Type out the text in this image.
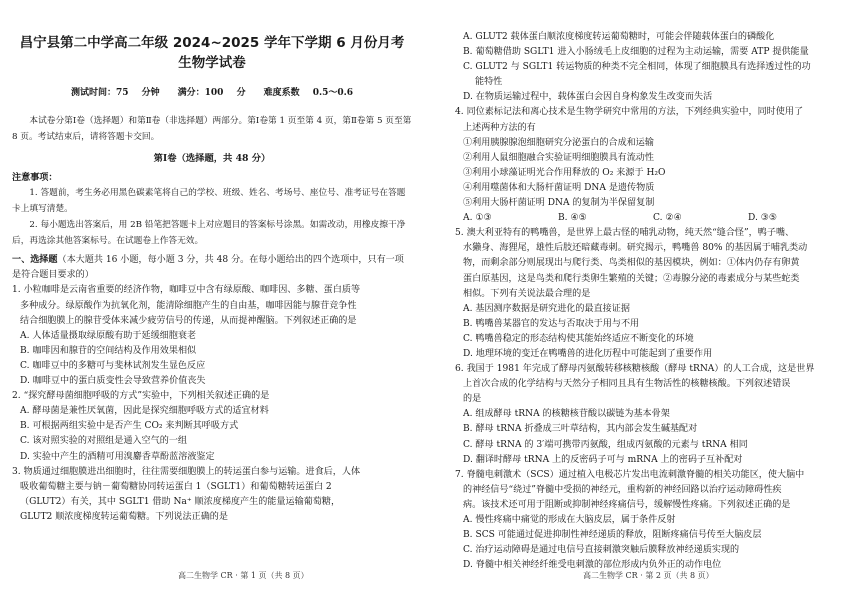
昌宁县第二中学高二年级 2024~2025 学年下学期 6 月份月考
生物学试卷
测试时间：75 分钟　　满分：100 分　　难度系数 0.5～0.6
本试卷分第Ⅰ卷（选择题）和第Ⅱ卷（非选择题）两部分。第Ⅰ卷第 1 页至第 4 页，第Ⅱ卷第 5 页至第 8 页。考试结束后，请将答题卡交回。
第Ⅰ卷（选择题，共 48 分）
注意事项：
1. 答题前，考生务必用黑色碳素笔将自己的学校、班级、姓名、考场号、座位号、准考证号在答题卡上填写清楚。
2. 每小题选出答案后，用 2B 铅笔把答题卡上对应题目的答案标号涂黑。如需改动，用橡皮擦干净后，再选涂其他答案标号。在试题卷上作答无效。
一、选择题（本大题共 16 小题，每小题 3 分，共 48 分。在每小题给出的四个选项中，只有一项是符合题目要求的）
1. 小粒咖啡是云南省重要的经济作物，咖啡豆中含有绿原酸、咖啡因、多糖、蛋白质等
多种成分。绿原酸作为抗氧化剂，能清除细胞产生的自由基，咖啡因能与腺苷竞争性
结合细胞膜上的腺苷受体来减少疲劳信号的传递，从而提神醒脑。下列叙述正确的是
A. 人体适量摄取绿原酸有助于延缓细胞衰老
B. 咖啡因和腺苷的空间结构及作用效果相似
C. 咖啡豆中的多糖可与斐林试剂发生显色反应
D. 咖啡豆中的蛋白质变性会导致营养价值丧失
2. “探究酵母菌细胞呼吸的方式”实验中，下列相关叙述正确的是
A. 酵母菌是兼性厌氧菌，因此是探究细胞呼吸方式的适宜材料
B. 可根据两组实验中是否产生 CO₂ 来判断其呼吸方式
C. 该对照实验的对照组是通入空气的一组
D. 实验中产生的酒精可用溴麝香草酚蓝溶液鉴定
3. 物质通过细胞膜进出细胞时，往往需要细胞膜上的转运蛋白参与运输。进食后，人体
吸收葡萄糖主要与钠－葡萄糖协同转运蛋白 1（SGLT1）和葡萄糖转运蛋白 2
（GLUT2）有关，其中 SGLT1 借助 Na⁺ 顺浓度梯度产生的能量运输葡萄糖，
GLUT2 顺浓度梯度转运葡萄糖。下列说法正确的是
A. GLUT2 载体蛋白顺浓度梯度转运葡萄糖时，可能会伴随载体蛋白的磷酸化
B. 葡萄糖借助 SGLT1 进入小肠绒毛上皮细胞的过程为主动运输，需要 ATP 提供能量
C. GLUT2 与 SGLT1 转运物质的种类不完全相同，体现了细胞膜具有选择透过性的功
　 能特性
D. 在物质运输过程中，载体蛋白会因自身构象发生改变而失活
4. 同位素标记法和离心技术是生物学研究中常用的方法，下列经典实验中，同时使用了
上述两种方法的有
①利用胰腺腺泡细胞研究分泌蛋白的合成和运输
②利用人鼠细胞融合实验证明细胞膜具有流动性
③利用小球藻证明光合作用释放的 O₂ 来源于 H₂O
④利用噬菌体和大肠杆菌证明 DNA 是遗传物质
⑤利用大肠杆菌证明 DNA 的复制为半保留复制
A. ①③	B. ④⑤	C. ②④	D. ③⑤
5. 澳大利亚特有的鸭嘴兽，是世界上最古怪的哺乳动物，纯天然“缝合怪”，鸭子嘴、
水獭身、海狸尾，雄性后肢还暗藏毒刺。研究揭示，鸭嘴兽 80% 的基因属于哺乳类动
物，而剩余部分则展现出与爬行类、鸟类相似的基因模块，例如：①体内仍存有卵黄
蛋白原基因，这是鸟类和爬行类卵生繁殖的关键；②毒腺分泌的毒素成分与某些蛇类
相似。下列有关说法最合理的是
A. 基因测序数据是研究进化的最直接证据
B. 鸭嘴兽某器官的发达与否取决于用与不用
C. 鸭嘴兽稳定的形态结构使其能始终适应不断变化的环境
D. 地理环境的变迁在鸭嘴兽的进化历程中可能起到了重要作用
6. 我国于 1981 年完成了酵母丙氨酸转移核糖核酸（酵母 tRNA）的人工合成，这是世界
上首次合成的化学结构与天然分子相同且具有生物活性的核糖核酸。下列叙述错误
的是
A. 组成酵母 tRNA 的核糖核苷酸以碳链为基本骨架
B. 酵母 tRNA 折叠成三叶草结构，其内部会发生碱基配对
C. 酵母 tRNA 的 3′端可携带丙氨酸，组成丙氨酸的元素与 tRNA 相同
D. 翻译时酵母 tRNA 上的反密码子可与 mRNA 上的密码子互补配对
7. 脊髓电刺激术（SCS）通过植入电极芯片发出电流刺激脊髓的相关功能区，使大脑中
的神经信号“绕过”脊髓中受损的神经元，重构新的神经回路以治疗运动障碍性疾
病。该技术还可用于阻断或抑制神经疼痛信号，缓解慢性疼痛。下列叙述正确的是
A. 慢性疼痛中痛觉的形成在大脑皮层，属于条件反射
B. SCS 可能通过促进抑制性神经递质的释放，阻断疼痛信号传至大脑皮层
C. 治疗运动障碍是通过电信号直接刺激突触后膜释放神经递质实现的
D. 脊髓中相关神经纤维受电刺激的部位形成内负外正的动作电位
高二生物学 CR · 第 1 页（共 8 页）	高二生物学 CR · 第 2 页（共 8 页）
